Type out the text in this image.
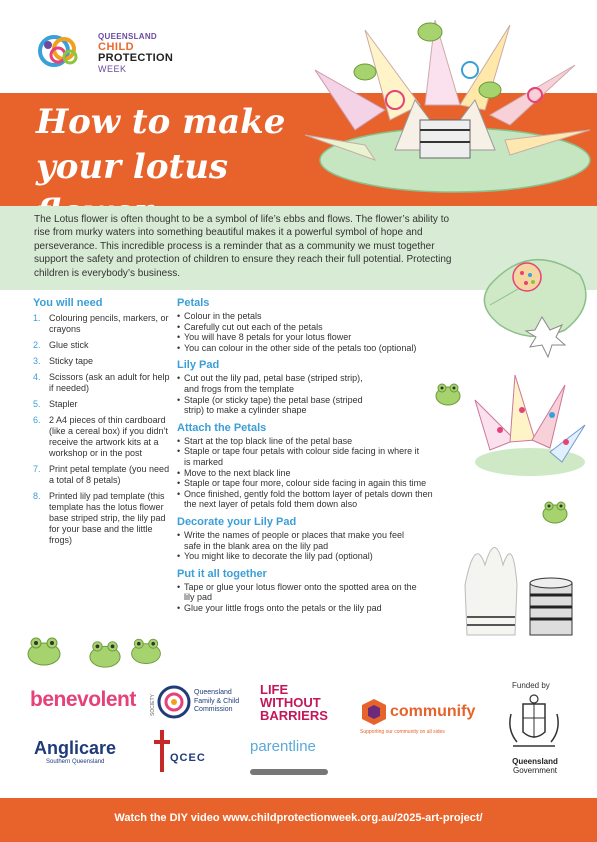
QUEENSLAND
CHILD
PROTECTION
WEEK
How to make
your lotus

The Lotus flower is often thought to be a symbol of life’s ebbs and flows. The flower’s ability to rise from murky waters into something beautiful makes it a powerful symbol of hope and perseverance. This incredible process is a reminder that as a community we must together support the safety and protection of children to ensure they reach their full potential. Protecting children is everybody’s business.

You will need
1. Colouring pencils, markers, or crayons
2. Glue stick
3. Sticky tape
4. Scissors (ask an adult for help if needed)
5. Stapler
6. 2 A4 pieces of thin cardboard (like a cereal box) if you didn’t receive the artwork kits at a workshop or in the post
7. Print petal template (you need a total of 8 petals)
8. Printed lily pad template (this template has the lotus flower base striped strip, the lily pad for your base and the little frogs)
Petals
• Colour in the petals
• Carefully cut out each of the petals
• You will have 8 petals for your lotus flower
• You can colour in the other side of the petals too (optional)
Lily Pad
• Cut out the lily pad, petal base (striped strip), and frogs from the template
• Staple (or sticky tape) the petal base (striped strip) to make a cylinder shape
Attach the Petals
• Start at the top black line of the petal base
• Staple or tape four petals with colour side facing in where it is marked
• Move to the next black line
• Staple or tape four more, colour side facing in again this time
• Once finished, gently fold the bottom layer of petals down then the next layer of petals fold them down also
Decorate your Lily Pad
• Write the names of people or places that make you feel safe in the blank area on the lily pad
• You might like to decorate the lily pad (optional)
Put it all together
• Tape or glue your lotus flower onto the spotted area on the lily pad
• Glue your little frogs onto the petals or the lily pad
benevolent	SOCIETY
Queensland
Family & Child
Commission
LIFE
WITHOUT
BARRIERS	communify
Supporting our community on all sides
Funded by
Queensland
Government
Anglicare
Southern Queensland	QCEC
parentline
Watch the DIY video www.childprotectionweek.org.au/2025-art-project/
